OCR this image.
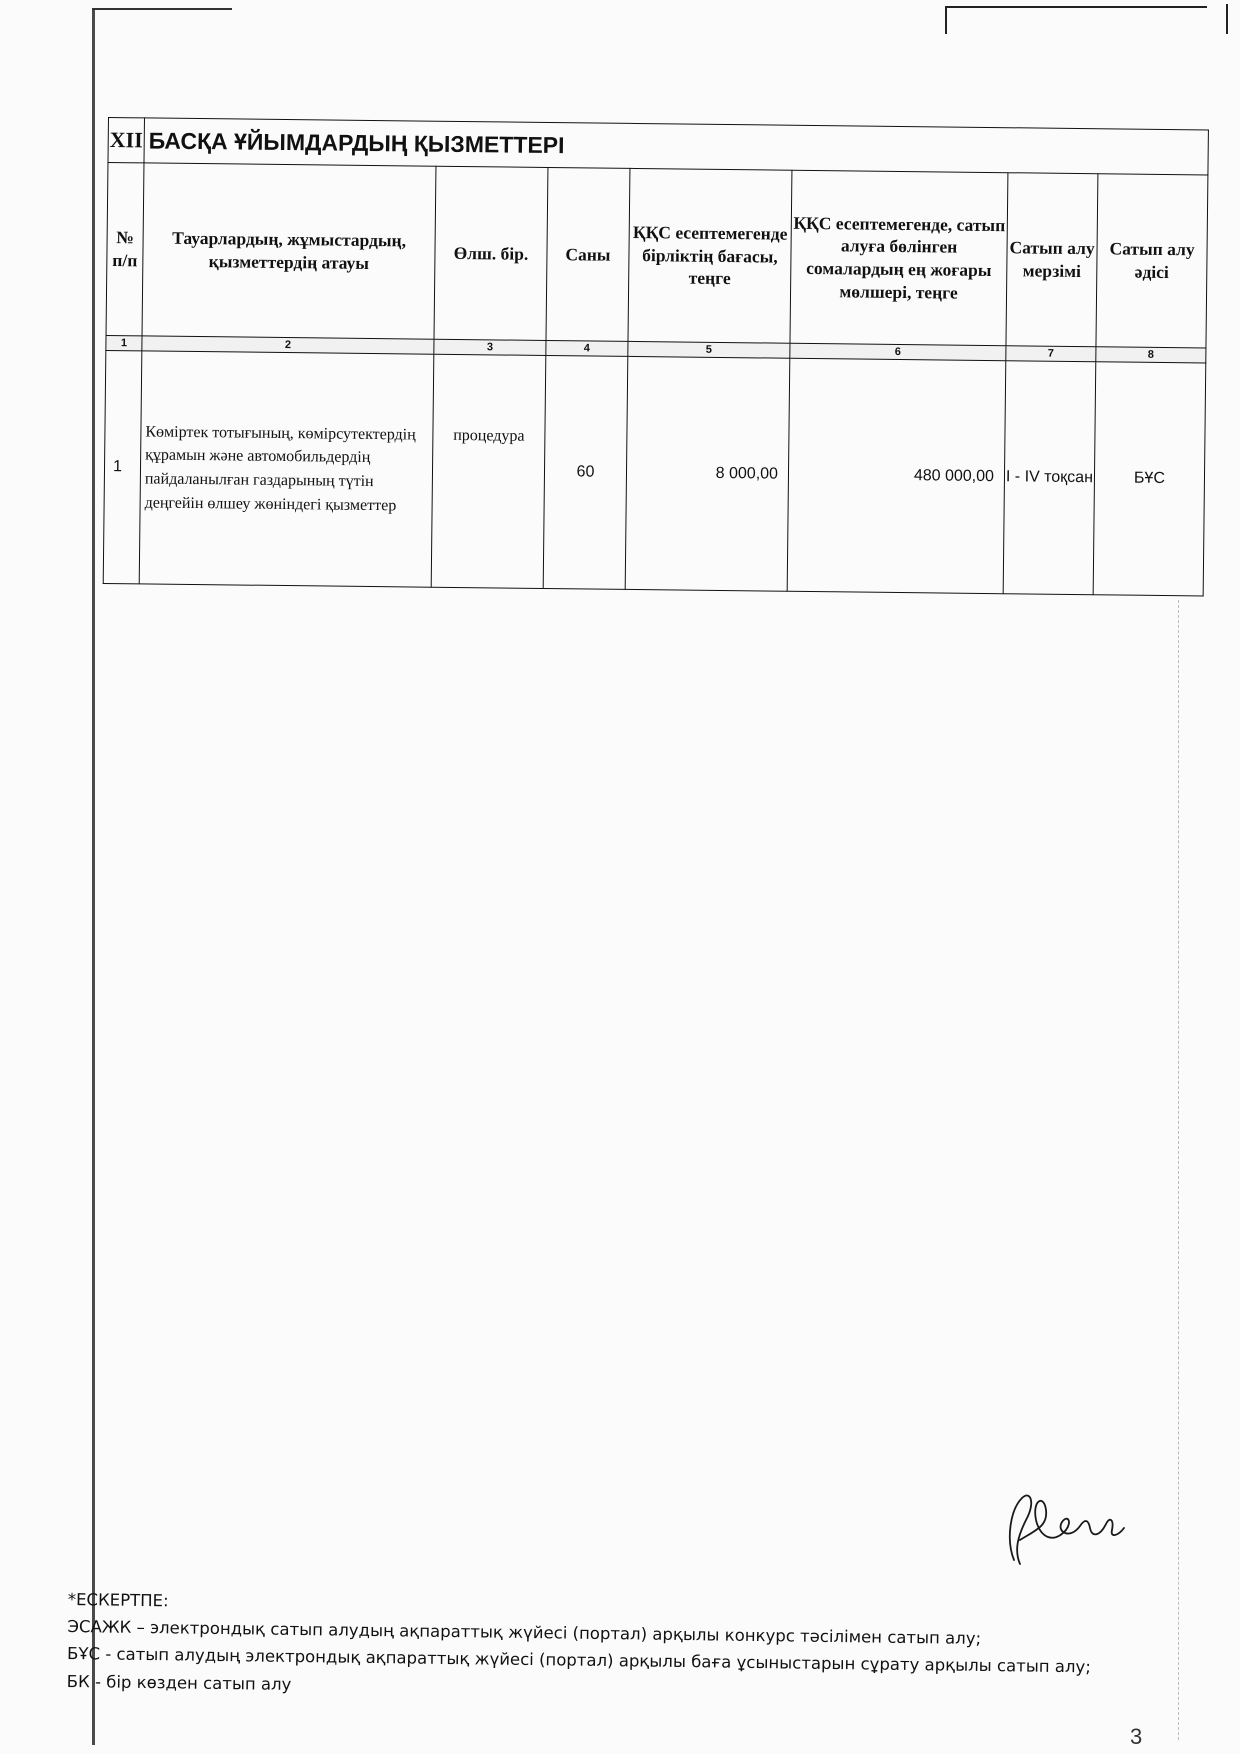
XII	БАСҚА ҰЙЫМДАРДЫҢ ҚЫЗМЕТТЕРІ						
№ п/п	Тауарлардың, жұмыстардың, қызметтердің атауы	Өлш. бір.	Саны	ҚҚС есептемегенде бірліктің бағасы, теңге	ҚҚС есептемегенде, сатып алуға бөлінген сомалардың ең жоғары мөлшері, теңге	Сатып алу мерзімі	Сатып алу әдісі
1	2	3	4	5	6	7	8
1	Көміртек тотығының, көмірсутектердің құрамын және автомобильдердің пайдаланылған газдарының түтін деңгейін өлшеу жөніндегі қызметтер	процедура	60	8 000,00	480 000,00	I - IV тоқсан	БҰС

*ЕСКЕРТПЕ:

ЭСАЖК – электрондық сатып алудың ақпараттық жүйесі (портал) арқылы конкурс тәсілімен сатып алу;

БҰС - сатып алудың электрондық ақпараттық жүйесі (портал) арқылы баға ұсыныстарын сұрату арқылы сатып алу; БК - бір көзден сатып алу

3
